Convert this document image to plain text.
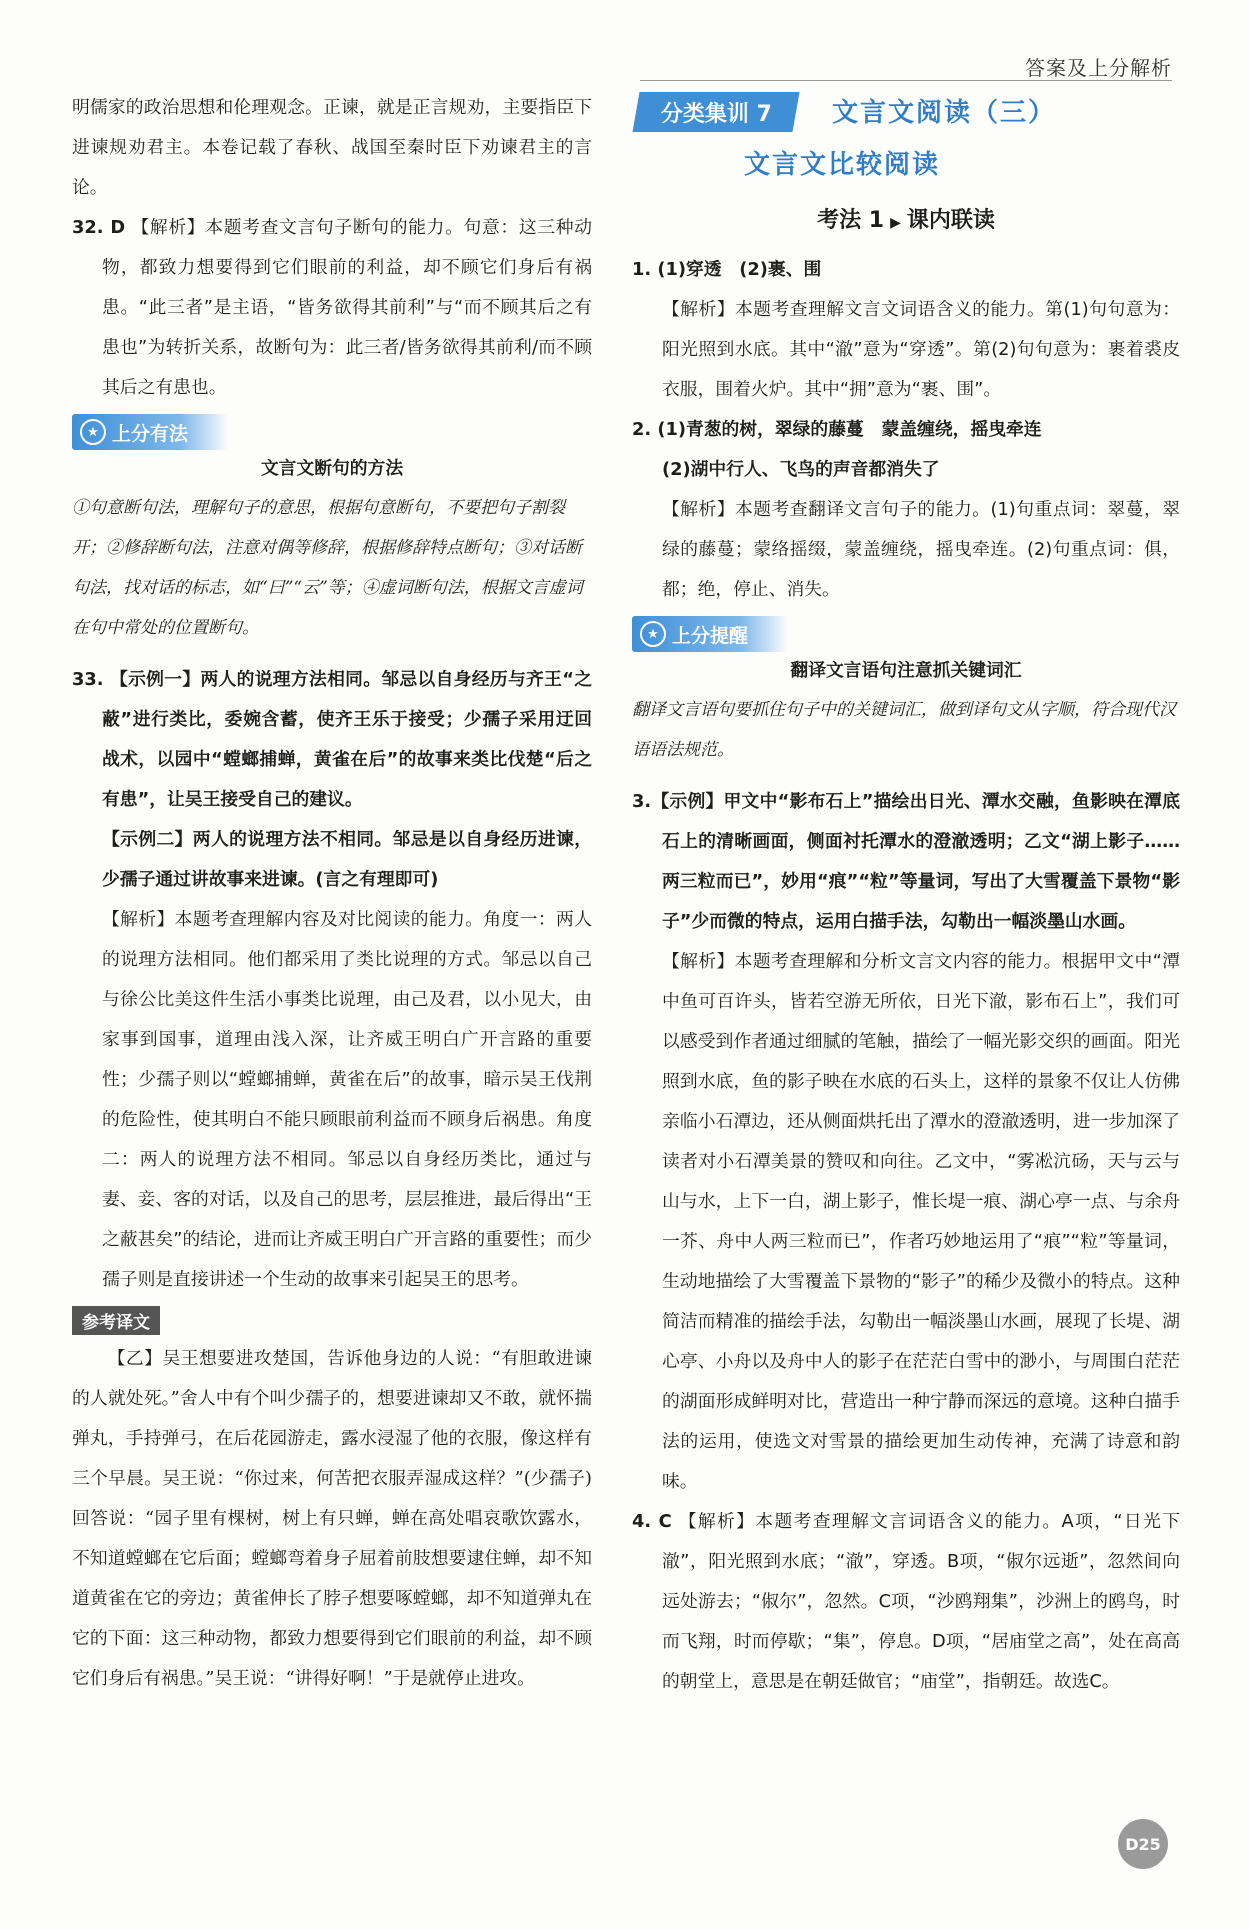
答案及上分解析

明儒家的政治思想和伦理观念。正谏，就是正言规劝，主要指臣下进谏规劝君主。本卷记载了春秋、战国至秦时臣下劝谏君主的言论。

32. D 【解析】本题考查文言句子断句的能力。句意：这三种动物，都致力想要得到它们眼前的利益，却不顾它们身后有祸患。“此三者”是主语，“皆务欲得其前利”与“而不顾其后之有患也”为转折关系，故断句为：此三者/皆务欲得其前利/而不顾其后之有患也。
★ 上分有法
文言文断句的方法
①句意断句法，理解句子的意思，根据句意断句，不要把句子割裂开；②修辞断句法，注意对偶等修辞，根据修辞特点断句；③对话断句法，找对话的标志，如“曰”“云”等；④虚词断句法，根据文言虚词在句中常处的位置断句。
33. 【示例一】两人的说理方法相同。邹忌以自身经历与齐王“之蔽”进行类比，委婉含蓄，使齐王乐于接受；少孺子采用迂回战术，以园中“螳螂捕蝉，黄雀在后”的故事来类比伐楚“后之有患”，让吴王接受自己的建议。

【示例二】两人的说理方法不相同。邹忌是以自身经历进谏，少孺子通过讲故事来进谏。(言之有理即可)

【解析】本题考查理解内容及对比阅读的能力。角度一：两人的说理方法相同。他们都采用了类比说理的方式。邹忌以自己与徐公比美这件生活小事类比说理，由己及君，以小见大，由家事到国事，道理由浅入深，让齐威王明白广开言路的重要性；少孺子则以“螳螂捕蝉，黄雀在后”的故事，暗示吴王伐荆的危险性，使其明白不能只顾眼前利益而不顾身后祸患。角度二：两人的说理方法不相同。邹忌以自身经历类比，通过与妻、妾、客的对话，以及自己的思考，层层推进，最后得出“王之蔽甚矣”的结论，进而让齐威王明白广开言路的重要性；而少孺子则是直接讲述一个生动的故事来引起吴王的思考。

参考译文

【乙】吴王想要进攻楚国，告诉他身边的人说：“有胆敢进谏的人就处死。”舍人中有个叫少孺子的，想要进谏却又不敢，就怀揣弹丸，手持弹弓，在后花园游走，露水浸湿了他的衣服，像这样有三个早晨。吴王说：“你过来，何苦把衣服弄湿成这样？”(少孺子)回答说：“园子里有棵树，树上有只蝉，蝉在高处唱哀歌饮露水，不知道螳螂在它后面；螳螂弯着身子屈着前肢想要逮住蝉，却不知道黄雀在它的旁边；黄雀伸长了脖子想要啄螳螂，却不知道弹丸在它的下面：这三种动物，都致力想要得到它们眼前的利益，却不顾它们身后有祸患。”吴王说：“讲得好啊！”于是就停止进攻。

分类集训 7 文言文阅读（三）
文言文比较阅读
考法 1 ▶ 课内联读

1. (1)穿透　(2)裹、围

【解析】本题考查理解文言文词语含义的能力。第(1)句句意为：阳光照到水底。其中“澈”意为“穿透”。第(2)句句意为：裹着裘皮衣服，围着火炉。其中“拥”意为“裹、围”。

2. (1)青葱的树，翠绿的藤蔓　蒙盖缠绕，摇曳牵连

(2)湖中行人、飞鸟的声音都消失了

【解析】本题考查翻译文言句子的能力。(1)句重点词：翠蔓，翠绿的藤蔓；蒙络摇缀，蒙盖缠绕，摇曳牵连。(2)句重点词：俱，都；绝，停止、消失。

★ 上分提醒
翻译文言语句注意抓关键词汇
翻译文言语句要抓住句子中的关键词汇，做到译句文从字顺，符合现代汉语语法规范。

3.【示例】甲文中“影布石上”描绘出日光、潭水交融，鱼影映在潭底石上的清晰画面，侧面衬托潭水的澄澈透明；乙文“湖上影子……两三粒而已”，妙用“痕”“粒”等量词，写出了大雪覆盖下景物“影子”少而微的特点，运用白描手法，勾勒出一幅淡墨山水画。

【解析】本题考查理解和分析文言文内容的能力。根据甲文中“潭中鱼可百许头，皆若空游无所依，日光下澈，影布石上”，我们可以感受到作者通过细腻的笔触，描绘了一幅光影交织的画面。阳光照到水底，鱼的影子映在水底的石头上，这样的景象不仅让人仿佛亲临小石潭边，还从侧面烘托出了潭水的澄澈透明，进一步加深了读者对小石潭美景的赞叹和向往。乙文中，“雾凇沆砀，天与云与山与水，上下一白，湖上影子，惟长堤一痕、湖心亭一点、与余舟一芥、舟中人两三粒而已”，作者巧妙地运用了“痕”“粒”等量词，生动地描绘了大雪覆盖下景物的“影子”的稀少及微小的特点。这种简洁而精准的描绘手法，勾勒出一幅淡墨山水画，展现了长堤、湖心亭、小舟以及舟中人的影子在茫茫白雪中的渺小，与周围白茫茫的湖面形成鲜明对比，营造出一种宁静而深远的意境。这种白描手法的运用，使选文对雪景的描绘更加生动传神，充满了诗意和韵味。

4. C 【解析】本题考查理解文言词语含义的能力。A项，“日光下澈”，阳光照到水底；“澈”，穿透。B项，“俶尔远逝”，忽然间向远处游去；“俶尔”，忽然。C项，“沙鸥翔集”，沙洲上的鸥鸟，时而飞翔，时而停歇；“集”，停息。D项，“居庙堂之高”，处在高高的朝堂上，意思是在朝廷做官；“庙堂”，指朝廷。故选C。
D25
